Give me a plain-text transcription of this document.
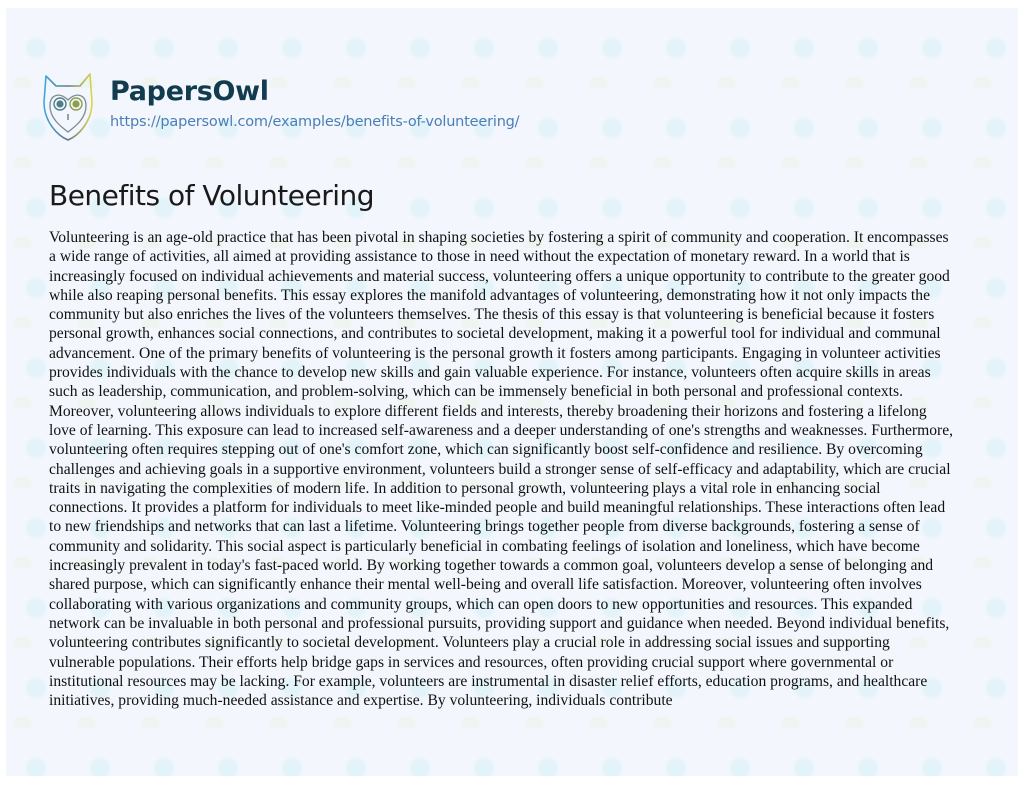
PapersOwl
https://papersowl.com/examples/benefits-of-volunteering/
Benefits of Volunteering
Volunteering is an age-old practice that has been pivotal in shaping societies by fostering a spirit of community and cooperation. It encompasses
a wide range of activities, all aimed at providing assistance to those in need without the expectation of monetary reward. In a world that is
increasingly focused on individual achievements and material success, volunteering offers a unique opportunity to contribute to the greater good
while also reaping personal benefits. This essay explores the manifold advantages of volunteering, demonstrating how it not only impacts the
community but also enriches the lives of the volunteers themselves. The thesis of this essay is that volunteering is beneficial because it fosters
personal growth, enhances social connections, and contributes to societal development, making it a powerful tool for individual and communal
advancement. One of the primary benefits of volunteering is the personal growth it fosters among participants. Engaging in volunteer activities
provides individuals with the chance to develop new skills and gain valuable experience. For instance, volunteers often acquire skills in areas
such as leadership, communication, and problem-solving, which can be immensely beneficial in both personal and professional contexts.
Moreover, volunteering allows individuals to explore different fields and interests, thereby broadening their horizons and fostering a lifelong
love of learning. This exposure can lead to increased self-awareness and a deeper understanding of one's strengths and weaknesses. Furthermore,
volunteering often requires stepping out of one's comfort zone, which can significantly boost self-confidence and resilience. By overcoming
challenges and achieving goals in a supportive environment, volunteers build a stronger sense of self-efficacy and adaptability, which are crucial
traits in navigating the complexities of modern life. In addition to personal growth, volunteering plays a vital role in enhancing social
connections. It provides a platform for individuals to meet like-minded people and build meaningful relationships. These interactions often lead
to new friendships and networks that can last a lifetime. Volunteering brings together people from diverse backgrounds, fostering a sense of
community and solidarity. This social aspect is particularly beneficial in combating feelings of isolation and loneliness, which have become
increasingly prevalent in today's fast-paced world. By working together towards a common goal, volunteers develop a sense of belonging and
shared purpose, which can significantly enhance their mental well-being and overall life satisfaction. Moreover, volunteering often involves
collaborating with various organizations and community groups, which can open doors to new opportunities and resources. This expanded
network can be invaluable in both personal and professional pursuits, providing support and guidance when needed. Beyond individual benefits,
volunteering contributes significantly to societal development. Volunteers play a crucial role in addressing social issues and supporting
vulnerable populations. Their efforts help bridge gaps in services and resources, often providing crucial support where governmental or
institutional resources may be lacking. For example, volunteers are instrumental in disaster relief efforts, education programs, and healthcare
initiatives, providing much-needed assistance and expertise. By volunteering, individuals contribute
